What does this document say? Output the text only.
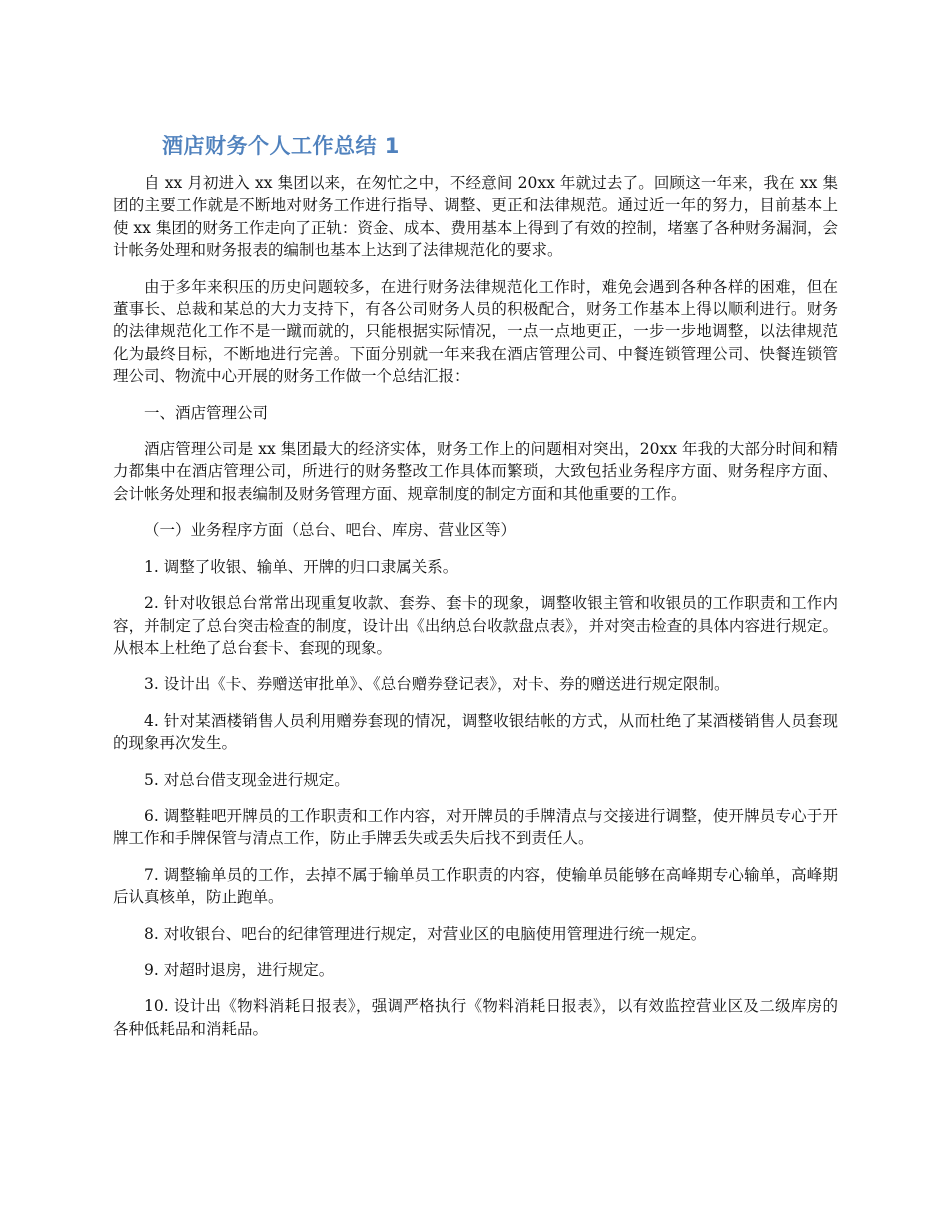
酒店财务个人工作总结 1

自 xx 月初进入 xx 集团以来，在匆忙之中，不经意间 20xx 年就过去了。回顾这一年来，我在 xx 集团的主要工作就是不断地对财务工作进行指导、调整、更正和法律规范。通过近一年的努力，目前基本上使 xx 集团的财务工作走向了正轨：资金、成本、费用基本上得到了有效的控制，堵塞了各种财务漏洞，会计帐务处理和财务报表的编制也基本上达到了法律规范化的要求。

由于多年来积压的历史问题较多，在进行财务法律规范化工作时，难免会遇到各种各样的困难，但在董事长、总裁和某总的大力支持下，有各公司财务人员的积极配合，财务工作基本上得以顺利进行。财务的法律规范化工作不是一蹴而就的，只能根据实际情况，一点一点地更正，一步一步地调整，以法律规范化为最终目标，不断地进行完善。下面分别就一年来我在酒店管理公司、中餐连锁管理公司、快餐连锁管理公司、物流中心开展的财务工作做一个总结汇报：

一、酒店管理公司

酒店管理公司是 xx 集团最大的经济实体，财务工作上的问题相对突出，20xx 年我的大部分时间和精力都集中在酒店管理公司，所进行的财务整改工作具体而繁琐，大致包括业务程序方面、财务程序方面、会计帐务处理和报表编制及财务管理方面、规章制度的制定方面和其他重要的工作。

（一）业务程序方面（总台、吧台、库房、营业区等）

1. 调整了收银、输单、开牌的归口隶属关系。

2. 针对收银总台常常出现重复收款、套券、套卡的现象，调整收银主管和收银员的工作职责和工作内容，并制定了总台突击检查的制度，设计出《出纳总台收款盘点表》，并对突击检查的具体内容进行规定。从根本上杜绝了总台套卡、套现的现象。

3. 设计出《卡、券赠送审批单》、《总台赠券登记表》，对卡、券的赠送进行规定限制。

4. 针对某酒楼销售人员利用赠券套现的情况，调整收银结帐的方式，从而杜绝了某酒楼销售人员套现的现象再次发生。

5. 对总台借支现金进行规定。

6. 调整鞋吧开牌员的工作职责和工作内容，对开牌员的手牌清点与交接进行调整，使开牌员专心于开牌工作和手牌保管与清点工作，防止手牌丢失或丢失后找不到责任人。

7. 调整输单员的工作，去掉不属于输单员工作职责的内容，使输单员能够在高峰期专心输单，高峰期后认真核单，防止跑单。

8. 对收银台、吧台的纪律管理进行规定，对营业区的电脑使用管理进行统一规定。

9. 对超时退房，进行规定。

10. 设计出《物料消耗日报表》，强调严格执行《物料消耗日报表》，以有效监控营业区及二级库房的各种低耗品和消耗品。
